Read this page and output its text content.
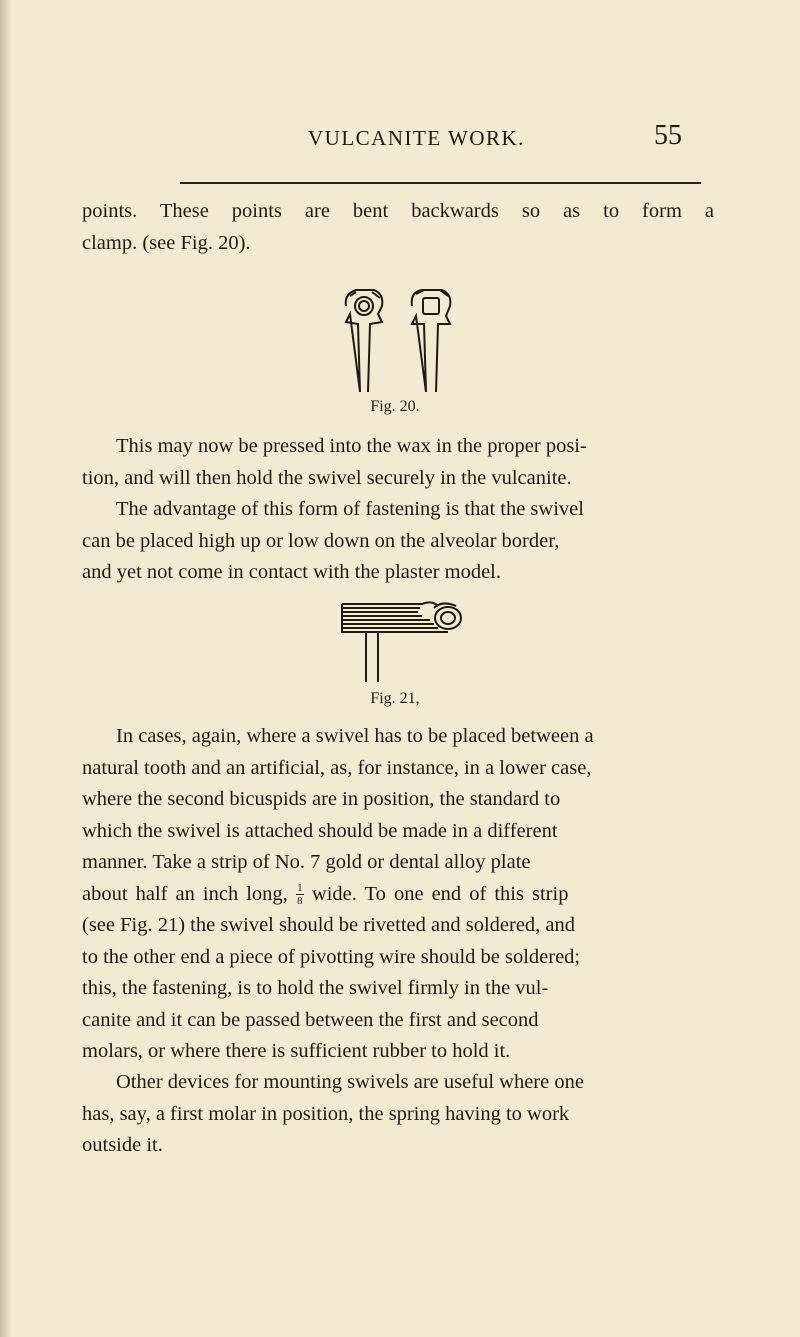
VULCANITE WORK.	55
points. These points are bent backwards so as to form a
clamp. (see Fig. 20).
Fig. 20.
This may now be pressed into the wax in the proper posi-
tion, and will then hold the swivel securely in the vulcanite.
The advantage of this form of fastening is that the swivel
can be placed high up or low down on the alveolar border,
and yet not come in contact with the plaster model.
Fig. 21,
In cases, again, where a swivel has to be placed between a
natural tooth and an artificial, as, for instance, in a lower case,
where the second bicuspids are in position, the standard to
which the swivel is attached should be made in a different
manner. Take a strip of No. 7 gold or dental alloy plate
about half an inch long, $\frac{1}{8}$ wide. To one end of this strip
(see Fig. 21) the swivel should be rivetted and soldered, and
to the other end a piece of pivotting wire should be soldered;
this, the fastening, is to hold the swivel firmly in the vul-
canite and it can be passed between the first and second
molars, or where there is sufficient rubber to hold it.
Other devices for mounting swivels are useful where one
has, say, a first molar in position, the spring having to work
outside it.
